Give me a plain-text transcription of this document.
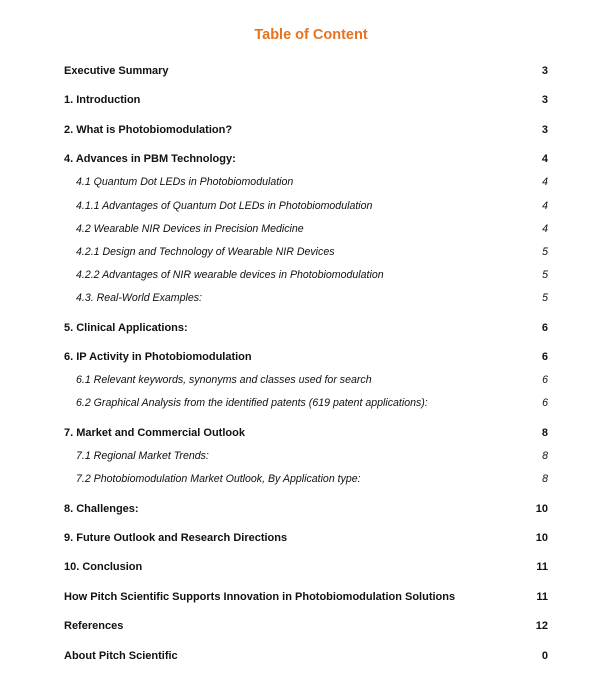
Table of Content
Executive Summary	3
1. Introduction	3
2. What is Photobiomodulation?	3
4. Advances in PBM Technology:	4
4.1 Quantum Dot LEDs in Photobiomodulation	4
4.1.1 Advantages of Quantum Dot LEDs in Photobiomodulation	4
4.2 Wearable NIR Devices in Precision Medicine	4
4.2.1 Design and Technology of Wearable NIR Devices	5
4.2.2 Advantages of NIR wearable devices in Photobiomodulation	5
4.3. Real-World Examples:	5
5. Clinical Applications:	6
6. IP Activity in Photobiomodulation	6
6.1 Relevant keywords, synonyms and classes used for search	6
6.2 Graphical Analysis from the identified patents (619 patent applications):	6
7. Market and Commercial Outlook	8
7.1 Regional Market Trends:	8
7.2 Photobiomodulation Market Outlook, By Application type:	8
8. Challenges:	10
9. Future Outlook and Research Directions	10
10. Conclusion	11
How Pitch Scientific Supports Innovation in Photobiomodulation Solutions	11
References	12
About Pitch Scientific	0
